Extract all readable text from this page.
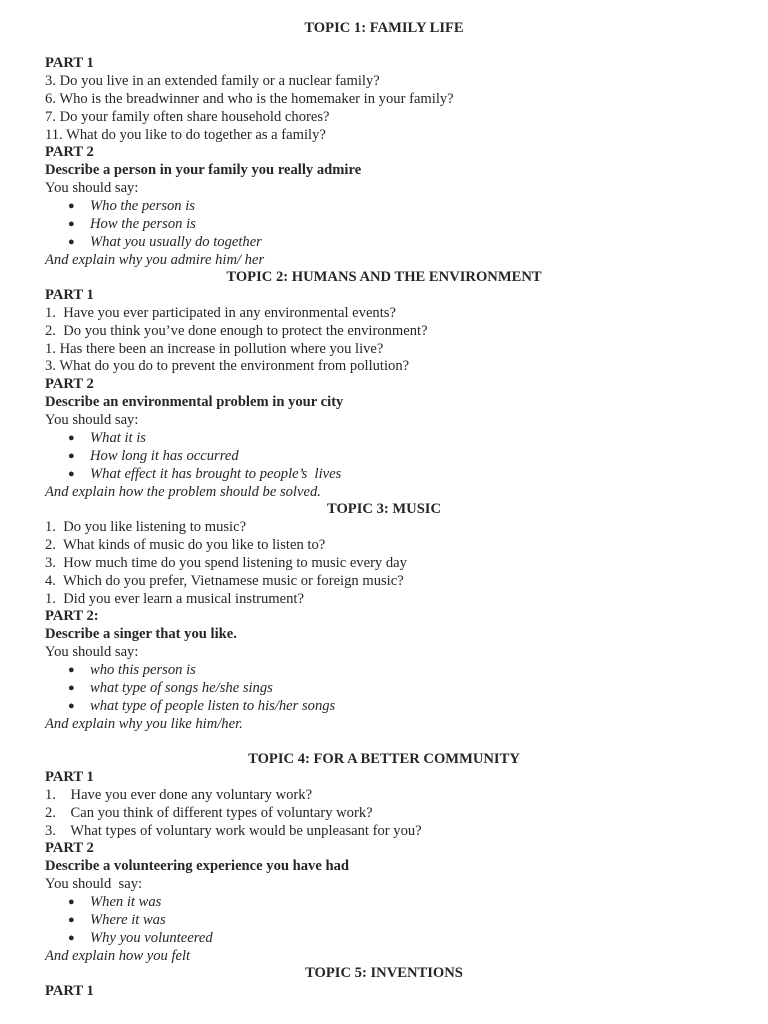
TOPIC 1: FAMILY LIFE
PART 1
3. Do you live in an extended family or a nuclear family?
6. Who is the breadwinner and who is the homemaker in your family?
7. Do your family often share household chores?
11. What do you like to do together as a family?
PART 2
Describe a person in your family you really admire
You should say:
● Who the person is
● How the person is
● What you usually do together
And explain why you admire him/ her
TOPIC 2: HUMANS AND THE ENVIRONMENT
PART 1
1.  Have you ever participated in any environmental events?
2.  Do you think you’ve done enough to protect the environment?
1. Has there been an increase in pollution where you live?
3. What do you do to prevent the environment from pollution?
PART 2
Describe an environmental problem in your city
You should say:
● What it is
● How long it has occurred
● What effect it has brought to people’s  lives
And explain how the problem should be solved.
TOPIC 3: MUSIC
1.  Do you like listening to music?
2.  What kinds of music do you like to listen to?
3.  How much time do you spend listening to music every day
4.  Which do you prefer, Vietnamese music or foreign music?
1.  Did you ever learn a musical instrument?
PART 2:
Describe a singer that you like.
You should say:
● who this person is
● what type of songs he/she sings
● what type of people listen to his/her songs
And explain why you like him/her.
TOPIC 4: FOR A BETTER COMMUNITY
PART 1
1.    Have you ever done any voluntary work?
2.    Can you think of different types of voluntary work?
3.    What types of voluntary work would be unpleasant for you?
PART 2
Describe a volunteering experience you have had
You should  say:
● When it was
● Where it was
● Why you volunteered
And explain how you felt
TOPIC 5: INVENTIONS
PART 1
